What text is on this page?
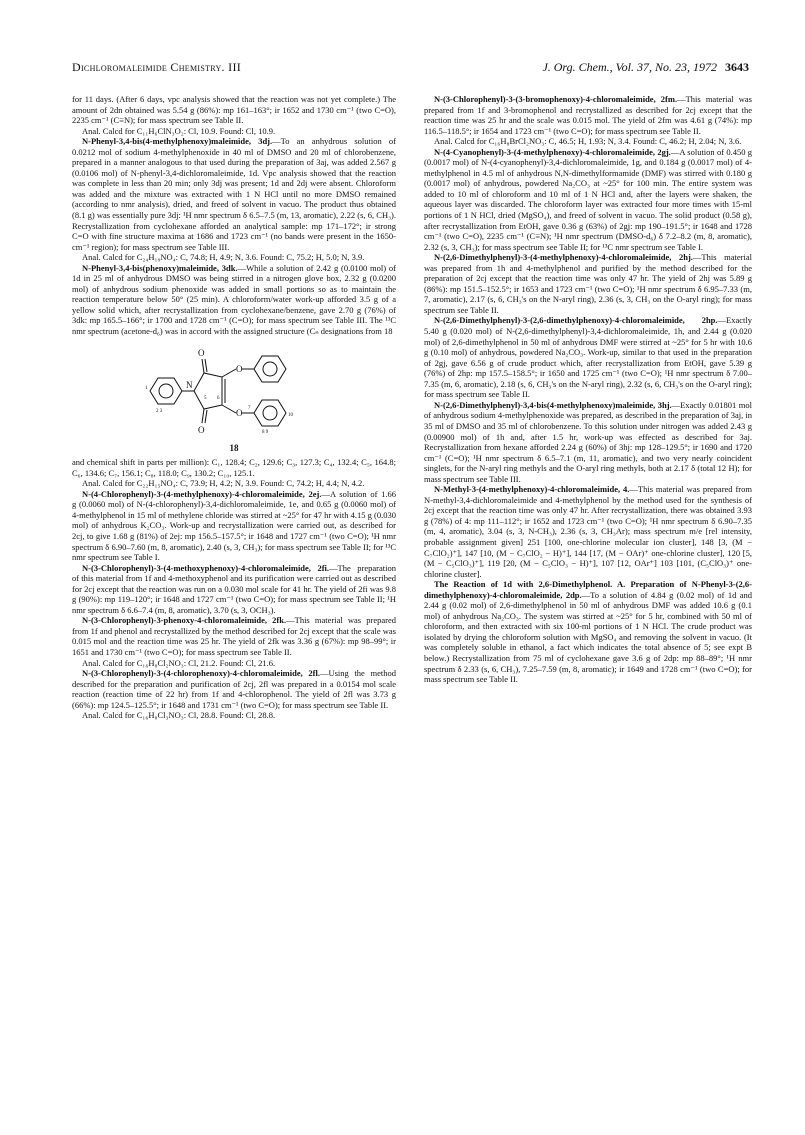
Dichloromaleimide Chemistry. III	J. Org. Chem., Vol. 37, No. 23, 1972 3643

for 11 days. (After 6 days, vpc analysis showed that the reaction was not yet complete.) The amount of 2dn obtained was 5.54 g (86%): mp 161–163°; ir 1652 and 1730 cm⁻¹ (two C=O), 2235 cm⁻¹ (C≡N); for mass spectrum see Table II.

Anal. Calcd for C₁₁H₆ClN₃O₂: Cl, 10.9. Found: Cl, 10.9.

N-Phenyl-3,4-bis(4-methylphenoxy)maleimide, 3dj.—To an anhydrous solution of 0.0212 mol of sodium 4-methylphenoxide in 40 ml of DMSO and 20 ml of chlorobenzene, prepared in a manner analogous to that used during the preparation of 3aj, was added 2.567 g (0.0106 mol) of N-phenyl-3,4-dichloromaleimide, 1d. Vpc analysis showed that the reaction was complete in less than 20 min; only 3dj was present; 1d and 2dj were absent. Chloroform was added and the mixture was extracted with 1 N HCl until no more DMSO remained (according to nmr analysis), dried, and freed of solvent in vacuo. The product thus obtained (8.1 g) was essentially pure 3dj: ¹H nmr spectrum δ 6.5–7.5 (m, 13, aromatic), 2.22 (s, 6, CH₃). Recrystallization from cyclohexane afforded an analytical sample: mp 171–172°; ir strong C=O with fine structure maxima at 1686 and 1723 cm⁻¹ (no bands were present in the 1650-cm⁻¹ region); for mass spectrum see Table III.

Anal. Calcd for C₂₄H₁₉NO₄: C, 74.8; H, 4.9; N, 3.6. Found: C, 75.2; H, 5.0; N, 3.9.

N-Phenyl-3,4-bis(phenoxy)maleimide, 3dk.—While a solution of 2.42 g (0.0100 mol) of 1d in 25 ml of anhydrous DMSO was being stirred in a nitrogen glove box, 2.32 g (0.0200 mol) of anhydrous sodium phenoxide was added in small portions so as to maintain the reaction temperature below 50° (25 min). A chloroform/water work-up afforded 3.5 g of a yellow solid which, after recrystallization from cyclohexane/benzene, gave 2.70 g (76%) of 3dk: mp 165.5–166°; ir 1700 and 1728 cm⁻¹ (C=O); for mass spectrum see Table III. The ¹³C nmr spectrum (acetone-d₆) was in accord with the assigned structure (Cₙ designations from 18

O
O
N
O
O
1
2 3
5 6
7
10
8 9
18

and chemical shift in parts per million): C₁, 128.4; C₂, 129.6; C₃, 127.3; C₄, 132.4; C₅, 164.8; C₆, 134.6; C₇, 156.1; C₈, 118.0; C₉, 130.2; C₁₀, 125.1.

Anal. Calcd for C₂₂H₁₅NO₄: C, 73.9; H, 4.2; N, 3.9. Found: C, 74.2; H, 4.4; N, 4.2.

N-(4-Chlorophenyl)-3-(4-methylphenoxy)-4-chloromaleimide, 2ej.—A solution of 1.66 g (0.0060 mol) of N-(4-chlorophenyl)-3,4-dichloromaleimide, 1e, and 0.65 g (0.0060 mol) of 4-methylphenol in 15 ml of methylene chloride was stirred at ~25° for 47 hr with 4.15 g (0.030 mol) of anhydrous K₂CO₃. Work-up and recrystallization were carried out, as described for 2cj, to give 1.68 g (81%) of 2ej: mp 156.5–157.5°; ir 1648 and 1727 cm⁻¹ (two C=O); ¹H nmr spectrum δ 6.90–7.60 (m, 8, aromatic), 2.40 (s, 3, CH₃); for mass spectrum see Table II; for ¹³C nmr spectrum see Table I.

N-(3-Chlorophenyl)-3-(4-methoxyphenoxy)-4-chloromaleimide, 2fi.—The preparation of this material from 1f and 4-methoxyphenol and its purification were carried out as described for 2cj except that the reaction was run on a 0.030 mol scale for 41 hr. The yield of 2fi was 9.8 g (90%): mp 119–120°; ir 1648 and 1727 cm⁻¹ (two C=O); for mass spectrum see Table II; ¹H nmr spectrum δ 6.6–7.4 (m, 8, aromatic), 3.70 (s, 3, OCH₃).

N-(3-Chlorophenyl)-3-phenoxy-4-chloromaleimide, 2fk.—This material was prepared from 1f and phenol and recrystallized by the method described for 2cj except that the scale was 0.015 mol and the reaction time was 25 hr. The yield of 2fk was 3.36 g (67%): mp 98–99°; ir 1651 and 1730 cm⁻¹ (two C=O); for mass spectrum see Table II.

Anal. Calcd for C₁₆H₈Cl₂NO₃: Cl, 21.2. Found: Cl, 21.6.

N-(3-Chlorophenyl)-3-(4-chlorophenoxy)-4-chloromaleimide, 2fl.—Using the method described for the preparation and purification of 2cj, 2fl was prepared in a 0.0154 mol scale reaction (reaction time of 22 hr) from 1f and 4-chlorophenol. The yield of 2fl was 3.73 g (66%): mp 124.5–125.5°; ir 1648 and 1731 cm⁻¹ (two C=O); for mass spectrum see Table II.

Anal. Calcd for C₁₆H₈Cl₃NO₃: Cl, 28.8. Found: Cl, 28.8.

N-(3-Chlorophenyl)-3-(3-bromophenoxy)-4-chloromaleimide, 2fm.—This material was prepared from 1f and 3-bromophenol and recrystallized as described for 2cj except that the reaction time was 25 hr and the scale was 0.015 mol. The yield of 2fm was 4.61 g (74%): mp 116.5–118.5°; ir 1654 and 1723 cm⁻¹ (two C=O); for mass spectrum see Table II.

Anal. Calcd for C₁₆H₈BrCl₂NO₃: C, 46.5; H, 1.93; N, 3.4. Found: C, 46.2; H, 2.04; N, 3.6.

N-(4-Cyanophenyl)-3-(4-methylphenoxy)-4-chloromaleimide, 2gj.—A solution of 0.450 g (0.0017 mol) of N-(4-cyanophenyl)-3,4-dichloromaleimide, 1g, and 0.184 g (0.0017 mol) of 4-methylphenol in 4.5 ml of anhydrous N,N-dimethylformamide (DMF) was stirred with 0.180 g (0.0017 mol) of anhydrous, powdered Na₂CO₃ at ~25° for 100 min. The entire system was added to 10 ml of chloroform and 10 ml of 1 N HCl and, after the layers were shaken, the aqueous layer was discarded. The chloroform layer was extracted four more times with 15-ml portions of 1 N HCl, dried (MgSO₄), and freed of solvent in vacuo. The solid product (0.58 g), after recrystallization from EtOH, gave 0.36 g (63%) of 2gj: mp 190–191.5°; ir 1648 and 1728 cm⁻¹ (two C=O), 2235 cm⁻¹ (C≡N); ¹H nmr spectrum (DMSO-d₆) δ 7.2–8.2 (m, 8, aromatic), 2.32 (s, 3, CH₃); for mass spectrum see Table II; for ¹³C nmr spectrum see Table I.

N-(2,6-Dimethylphenyl)-3-(4-methylphenoxy)-4-chloromaleimide, 2hj.—This material was prepared from 1h and 4-methylphenol and purified by the method described for the preparation of 2cj except that the reaction time was only 47 hr. The yield of 2hj was 5.89 g (86%): mp 151.5–152.5°; ir 1653 and 1723 cm⁻¹ (two C=O); ¹H nmr spectrum δ 6.95–7.33 (m, 7, aromatic), 2.17 (s, 6, CH₃'s on the N-aryl ring), 2.36 (s, 3, CH₃ on the O-aryl ring); for mass spectrum see Table II.

N-(2,6-Dimethylphenyl)-3-(2,6-dimethylphenoxy)-4-chloromaleimide, 2hp.—Exactly 5.40 g (0.020 mol) of N-(2,6-dimethylphenyl)-3,4-dichloromaleimide, 1h, and 2.44 g (0.020 mol) of 2,6-dimethylphenol in 50 ml of anhydrous DMF were stirred at ~25° for 5 hr with 10.6 g (0.10 mol) of anhydrous, powdered Na₂CO₃. Work-up, similar to that used in the preparation of 2gj, gave 6.56 g of crude product which, after recrystallization from EtOH, gave 5.39 g (76%) of 2hp: mp 157.5–158.5°; ir 1650 and 1725 cm⁻¹ (two C=O); ¹H nmr spectrum δ 7.00–7.35 (m, 6, aromatic), 2.18 (s, 6, CH₃'s on the N-aryl ring), 2.32 (s, 6, CH₃'s on the O-aryl ring); for mass spectrum see Table II.

N-(2,6-Dimethylphenyl)-3,4-bis(4-methylphenoxy)maleimide, 3hj.—Exactly 0.01801 mol of anhydrous sodium 4-methylphenoxide was prepared, as described in the preparation of 3aj, in 35 ml of DMSO and 35 ml of chlorobenzene. To this solution under nitrogen was added 2.43 g (0.00900 mol) of 1h and, after 1.5 hr, work-up was effected as described for 3aj. Recrystallization from hexane afforded 2.24 g (60%) of 3hj: mp 128–129.5°; ir 1690 and 1720 cm⁻¹ (C=O); ¹H nmr spectrum δ 6.5–7.1 (m, 11, aromatic), and two very nearly coincident singlets, for the N-aryl ring methyls and the O-aryl ring methyls, both at 2.17 δ (total 12 H); for mass spectrum see Table III.

N-Methyl-3-(4-methylphenoxy)-4-chloromaleimide, 4.—This material was prepared from N-methyl-3,4-dichloromaleimide and 4-methylphenol by the method used for the synthesis of 2cj except that the reaction time was only 47 hr. After recrystallization, there was obtained 3.93 g (78%) of 4: mp 111–112°; ir 1652 and 1723 cm⁻¹ (two C=O); ¹H nmr spectrum δ 6.90–7.35 (m, 4, aromatic), 3.04 (s, 3, N-CH₃), 2.36 (s, 3, CH₃Ar); mass spectrum m/e [rel intensity, probable assignment given] 251 [100, one-chlorine molecular ion cluster], 148 [3, (M − C₇ClO₂)⁺], 147 [10, (M − C₇ClO₂ − H)⁺], 144 [17, (M − OAr)⁺ one-chlorine cluster], 120 [5, (M − C₅ClO₃)⁺], 119 [20, (M − C₅ClO₃ − H)⁺], 107 [12, OAr⁺] 103 [101, (C₅ClO₃)⁺ one-chlorine cluster].

The Reaction of 1d with 2,6-Dimethylphenol. A. Preparation of N-Phenyl-3-(2,6-dimethylphenoxy)-4-chloromaleimide, 2dp.—To a solution of 4.84 g (0.02 mol) of 1d and 2.44 g (0.02 mol) of 2,6-dimethylphenol in 50 ml of anhydrous DMF was added 10.6 g (0.1 mol) of anhydrous Na₂CO₃. The system was stirred at ~25° for 5 hr, combined with 50 ml of chloroform, and then extracted with six 100-ml portions of 1 N HCl. The crude product was isolated by drying the chloroform solution with MgSO₄ and removing the solvent in vacuo. (It was completely soluble in ethanol, a fact which indicates the total absence of 5; see expt B below.) Recrystallization from 75 ml of cyclohexane gave 3.6 g of 2dp: mp 88–89°; ¹H nmr spectrum δ 2.33 (s, 6, CH₃), 7.25–7.59 (m, 8, aromatic); ir 1649 and 1728 cm⁻¹ (two C=O); for mass spectrum see Table II.
